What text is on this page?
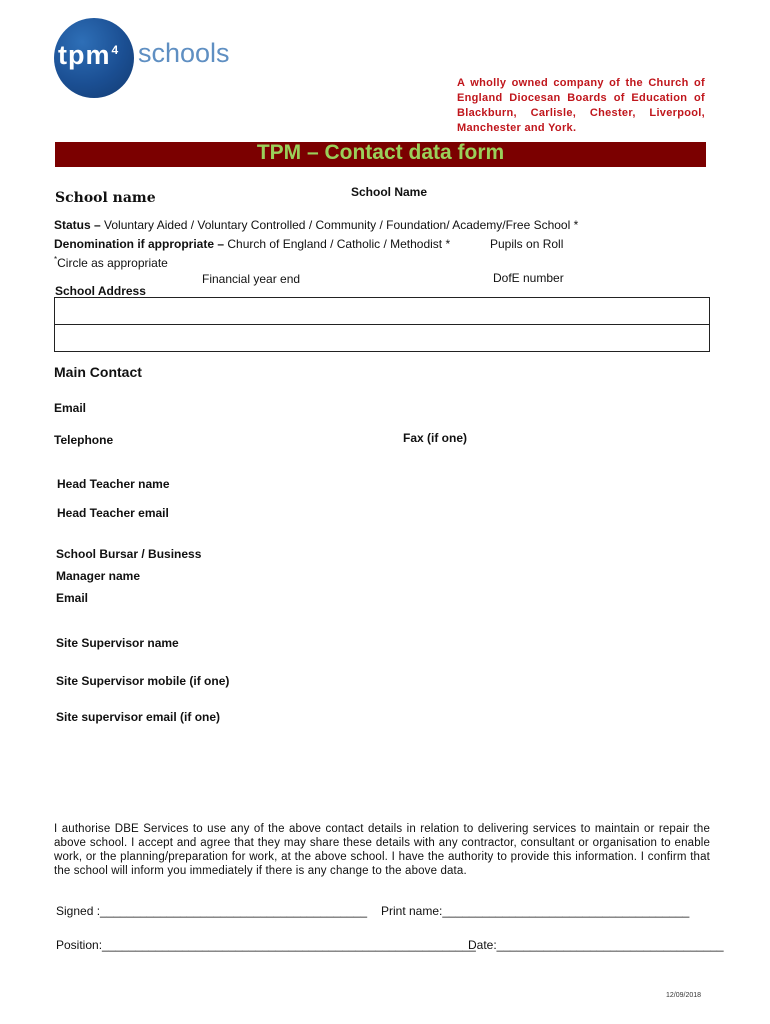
tpm$^4$ schools
A wholly owned company of the Church of England Diocesan Boards of Education of Blackburn, Carlisle, Chester, Liverpool, Manchester and York.
TPM – Contact data form
School Name
School name
Status – Voluntary Aided / Voluntary Controlled / Community / Foundation/ Academy/Free School *
Denomination if appropriate – Church of England / Catholic / Methodist *	Pupils on Roll
*Circle as appropriate
Financial year end	DofE number
School Address
Main Contact
Email
Telephone	Fax (if one)
Head Teacher name
Head Teacher email
School Bursar / Business
Manager name
Email
Site Supervisor name
Site Supervisor mobile (if one)
Site supervisor email (if one)
I authorise DBE Services to use any of the above contact details in relation to delivering services to maintain or repair the above school. I accept and agree that they may share these details with any contractor, consultant or organisation to enable work, or the planning/preparation for work, at the above school. I have the authority to provide this information. I confirm that the school will inform you immediately if there is any change to the above data.
Signed :________________________________________ Print name:_____________________________________
Position:________________________________________________________
Date:__________________________________
12/09/2018
